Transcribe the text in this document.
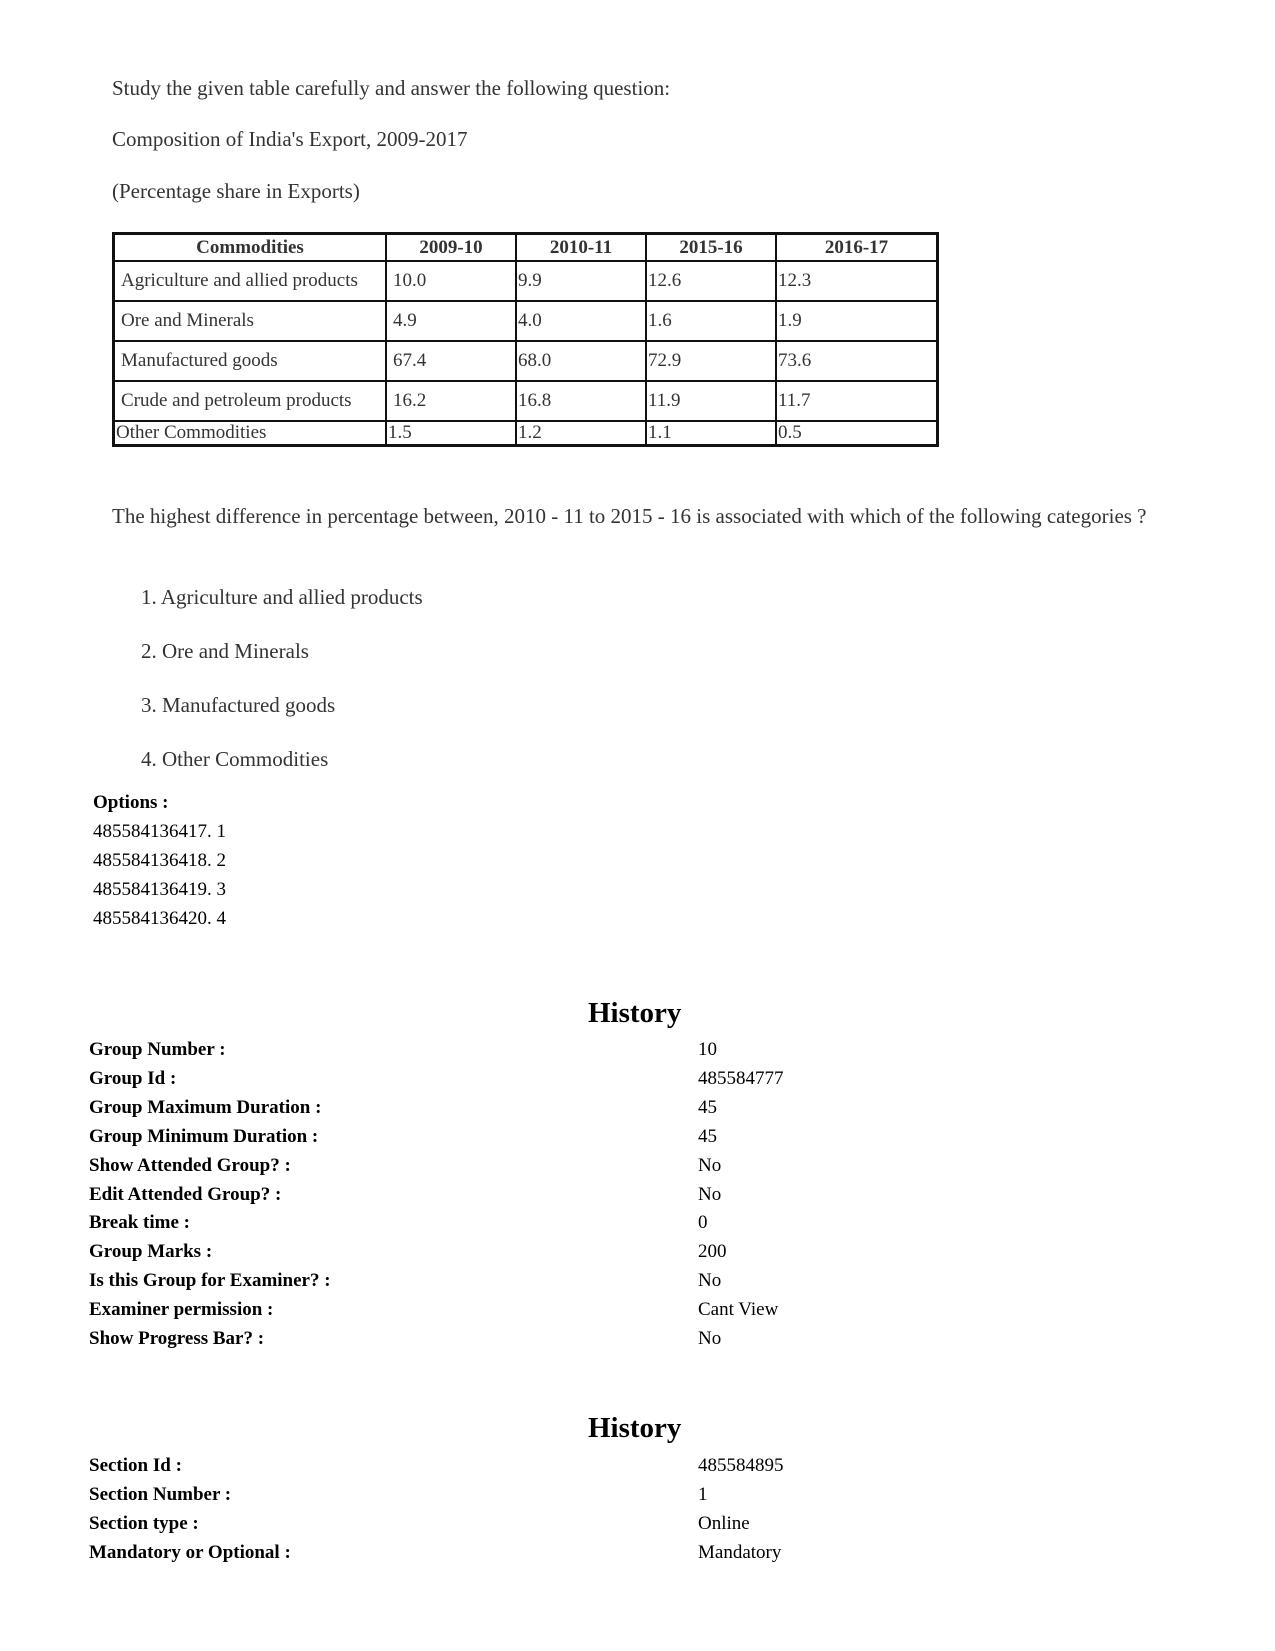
Study the given table carefully and answer the following question:
Composition of India's Export, 2009-2017
(Percentage share in Exports)
Commodities	2009-10	2010-11	2015-16	2016-17
Agriculture and allied products	10.0	9.9	12.6	12.3
Ore and Minerals	4.9	4.0	1.6	1.9
Manufactured goods	67.4	68.0	72.9	73.6
Crude and petroleum products	16.2	16.8	11.9	11.7
Other Commodities	1.5	1.2	1.1	0.5
The highest difference in percentage between, 2010 - 11 to 2015 - 16 is associated with which of the following categories ?
1. Agriculture and allied products
2. Ore and Minerals
3. Manufactured goods
4. Other Commodities
Options :
485584136417. 1
485584136418. 2
485584136419. 3
485584136420. 4
History
Group Number :	10
Group Id :	485584777
Group Maximum Duration :	45
Group Minimum Duration :	45
Show Attended Group? :	No
Edit Attended Group? :	No
Break time :	0
Group Marks :	200
Is this Group for Examiner? :	No
Examiner permission :	Cant View
Show Progress Bar? :	No
History
Section Id :	485584895
Section Number :	1
Section type :	Online
Mandatory or Optional :	Mandatory
